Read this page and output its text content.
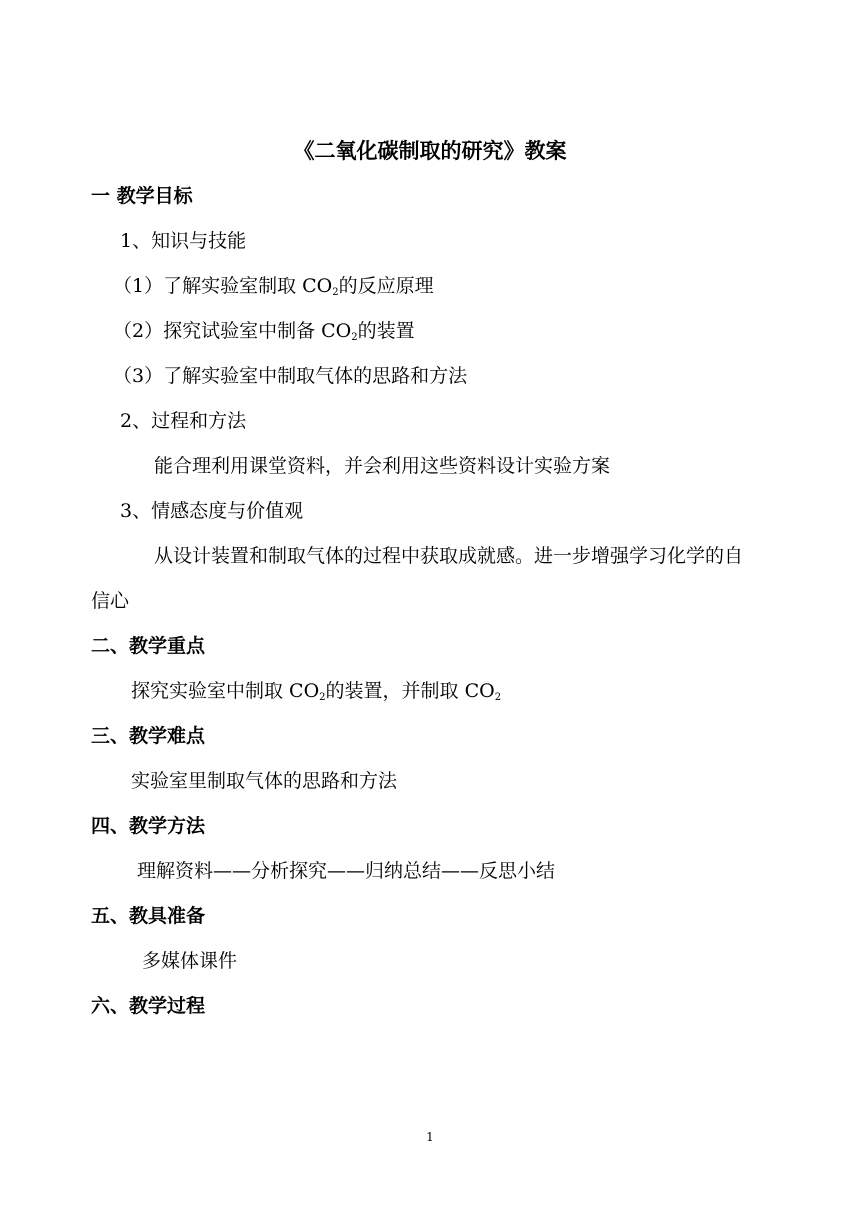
《二氧化碳制取的研究》教案
一 教学目标
1、知识与技能
（1）了解实验室制取 $CO_2$的反应原理
（2）探究试验室中制备 $CO_2$的装置
（3）了解实验室中制取气体的思路和方法
2、过程和方法
能合理利用课堂资料，并会利用这些资料设计实验方案
3、情感态度与价值观
从设计装置和制取气体的过程中获取成就感。进一步增强学习化学的自
信心
二、教学重点
探究实验室中制取 $CO_2$的装置，并制取 $CO_2$
三、教学难点
实验室里制取气体的思路和方法
四、教学方法
理解资料——分析探究——归纳总结——反思小结
五、教具准备
多媒体课件
六、教学过程
1
